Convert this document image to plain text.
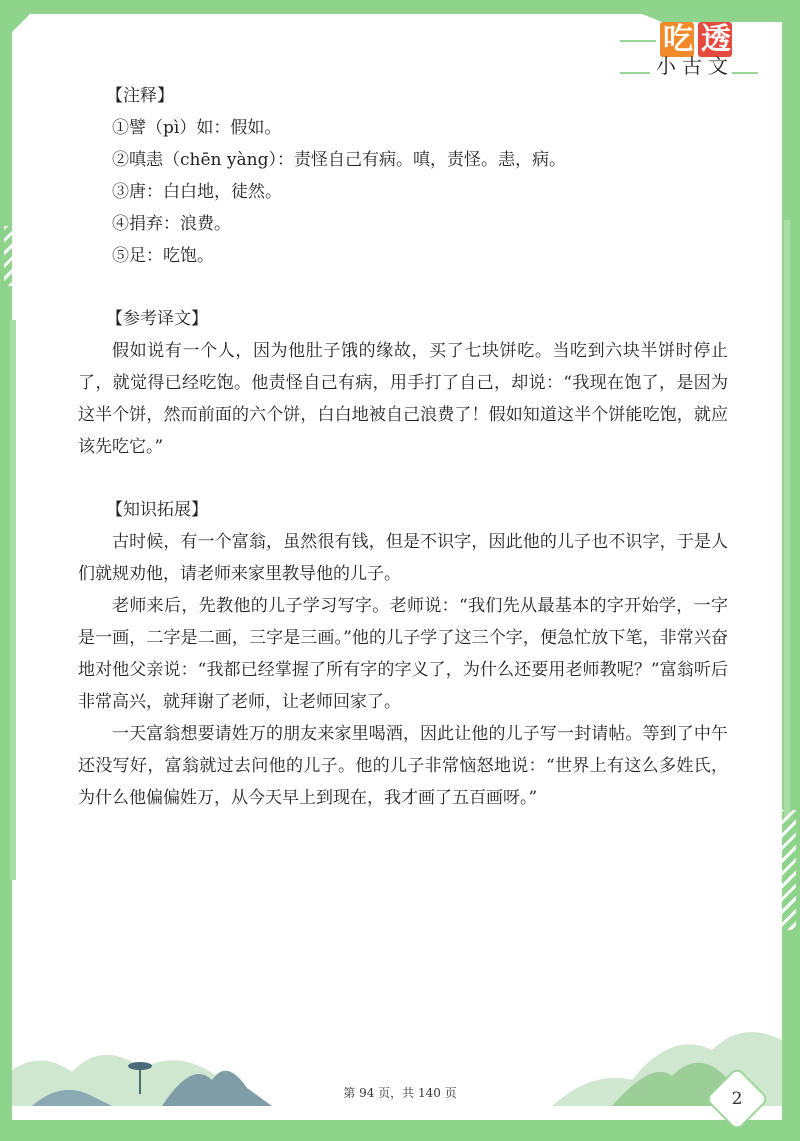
吃 透
小古文
【注释】
①譬（pì）如：假如。
②嗔恚（chēn yàng）：责怪自己有病。嗔，责怪。恚，病。
③唐：白白地，徒然。
④捐弃：浪费。
⑤足：吃饱。
【参考译文】
假如说有一个人，因为他肚子饿的缘故，买了七块饼吃。当吃到六块半饼时停止了，就觉得已经吃饱。他责怪自己有病，用手打了自己，却说：“我现在饱了，是因为这半个饼，然而前面的六个饼，白白地被自己浪费了！假如知道这半个饼能吃饱，就应该先吃它。”
【知识拓展】
古时候，有一个富翁，虽然很有钱，但是不识字，因此他的儿子也不识字，于是人们就规劝他，请老师来家里教导他的儿子。
老师来后，先教他的儿子学习写字。老师说：“我们先从最基本的字开始学，一字是一画，二字是二画，三字是三画。”他的儿子学了这三个字，便急忙放下笔，非常兴奋地对他父亲说：“我都已经掌握了所有字的字义了，为什么还要用老师教呢？”富翁听后非常高兴，就拜谢了老师，让老师回家了。
一天富翁想要请姓万的朋友来家里喝酒，因此让他的儿子写一封请帖。等到了中午还没写好，富翁就过去问他的儿子。他的儿子非常恼怒地说：“世界上有这么多姓氏，为什么他偏偏姓万，从今天早上到现在，我才画了五百画呀。”
第 94 页，共 140 页	2
